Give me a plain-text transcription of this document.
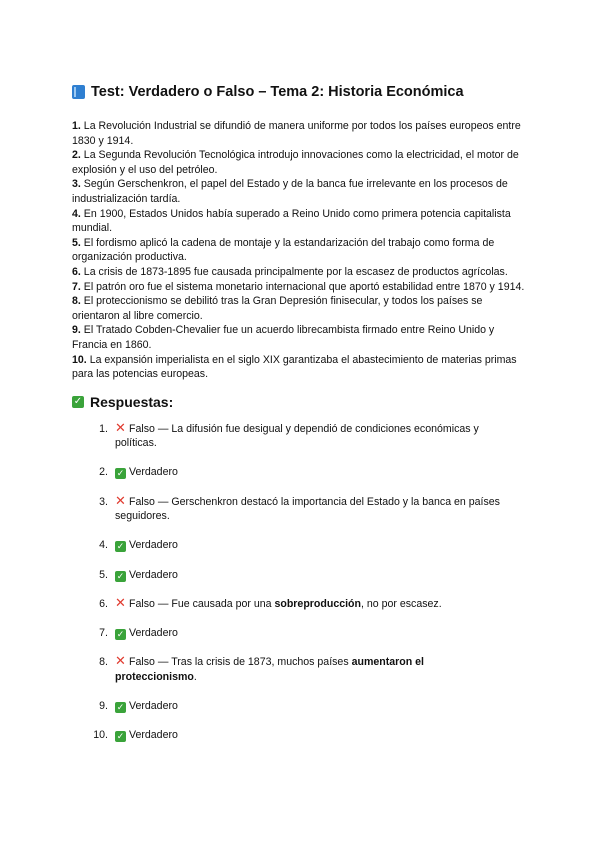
Test: Verdadero o Falso – Tema 2: Historia Económica

1. La Revolución Industrial se difundió de manera uniforme por todos los países europeos entre 1830 y 1914.

2. La Segunda Revolución Tecnológica introdujo innovaciones como la electricidad, el motor de explosión y el uso del petróleo.

3. Según Gerschenkron, el papel del Estado y de la banca fue irrelevante en los procesos de industrialización tardía.

4. En 1900, Estados Unidos había superado a Reino Unido como primera potencia capitalista mundial.

5. El fordismo aplicó la cadena de montaje y la estandarización del trabajo como forma de organización productiva.

6. La crisis de 1873-1895 fue causada principalmente por la escasez de productos agrícolas.

7. El patrón oro fue el sistema monetario internacional que aportó estabilidad entre 1870 y 1914.

8. El proteccionismo se debilitó tras la Gran Depresión finisecular, y todos los países se orientaron al libre comercio.

9. El Tratado Cobden-Chevalier fue un acuerdo librecambista firmado entre Reino Unido y Francia en 1860.

10. La expansión imperialista en el siglo XIX garantizaba el abastecimiento de materias primas para las potencias europeas.

✓ Respuestas:
1. ✕ Falso — La difusión fue desigual y dependió de condiciones económicas y políticas.
2. ✓ Verdadero
3. ✕ Falso — Gerschenkron destacó la importancia del Estado y la banca en países seguidores.
4. ✓ Verdadero
5. ✓ Verdadero
6. ✕ Falso — Fue causada por una sobreproducción, no por escasez.
7. ✓ Verdadero
8. ✕ Falso — Tras la crisis de 1873, muchos países aumentaron el proteccionismo.
9. ✓ Verdadero
10. ✓ Verdadero
